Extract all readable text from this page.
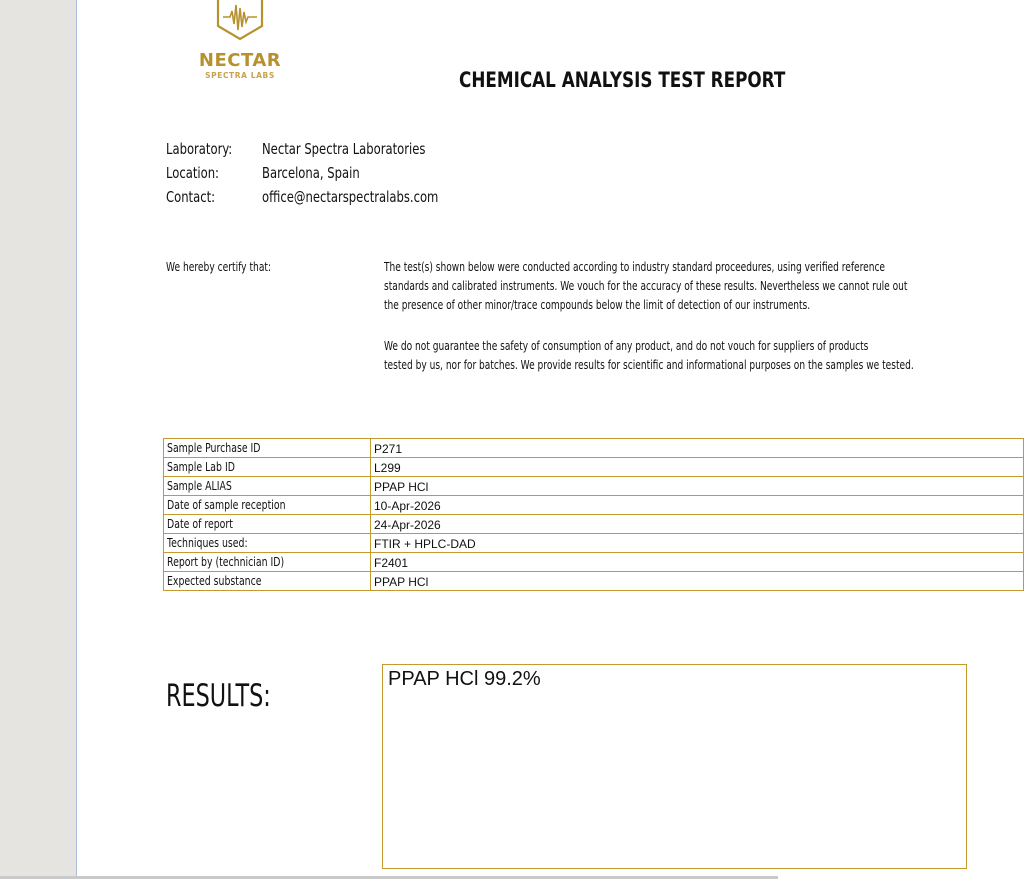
NECTAR
SPECTRA LABS	CHEMICAL ANALYSIS TEST REPORT
Laboratory: Nectar Spectra Laboratories
Location:	Barcelona, Spain
Contact:	office@nectarspectralabs.com
We hereby certify that:	The test(s) shown below were conducted according to industry standard proceedures, using verified reference
standards and calibrated instruments. We vouch for the accuracy of these results. Nevertheless we cannot rule out
the presence of other minor/trace compounds below the limit of detection of our instruments.
We do not guarantee the safety of consumption of any product, and do not vouch for suppliers of products
tested by us, nor for batches. We provide results for scientific and informational purposes on the samples we tested.
Sample Purchase ID	P271
Sample Lab ID	L299
Sample ALIAS	PPAP HCl
Date of sample reception	10-Apr-2026
Date of report	24-Apr-2026
Techniques used:	FTIR + HPLC-DAD
Report by (technician ID)	F2401
Expected substance	PPAP HCl
RESULTS:	PPAP HCl 99.2%
